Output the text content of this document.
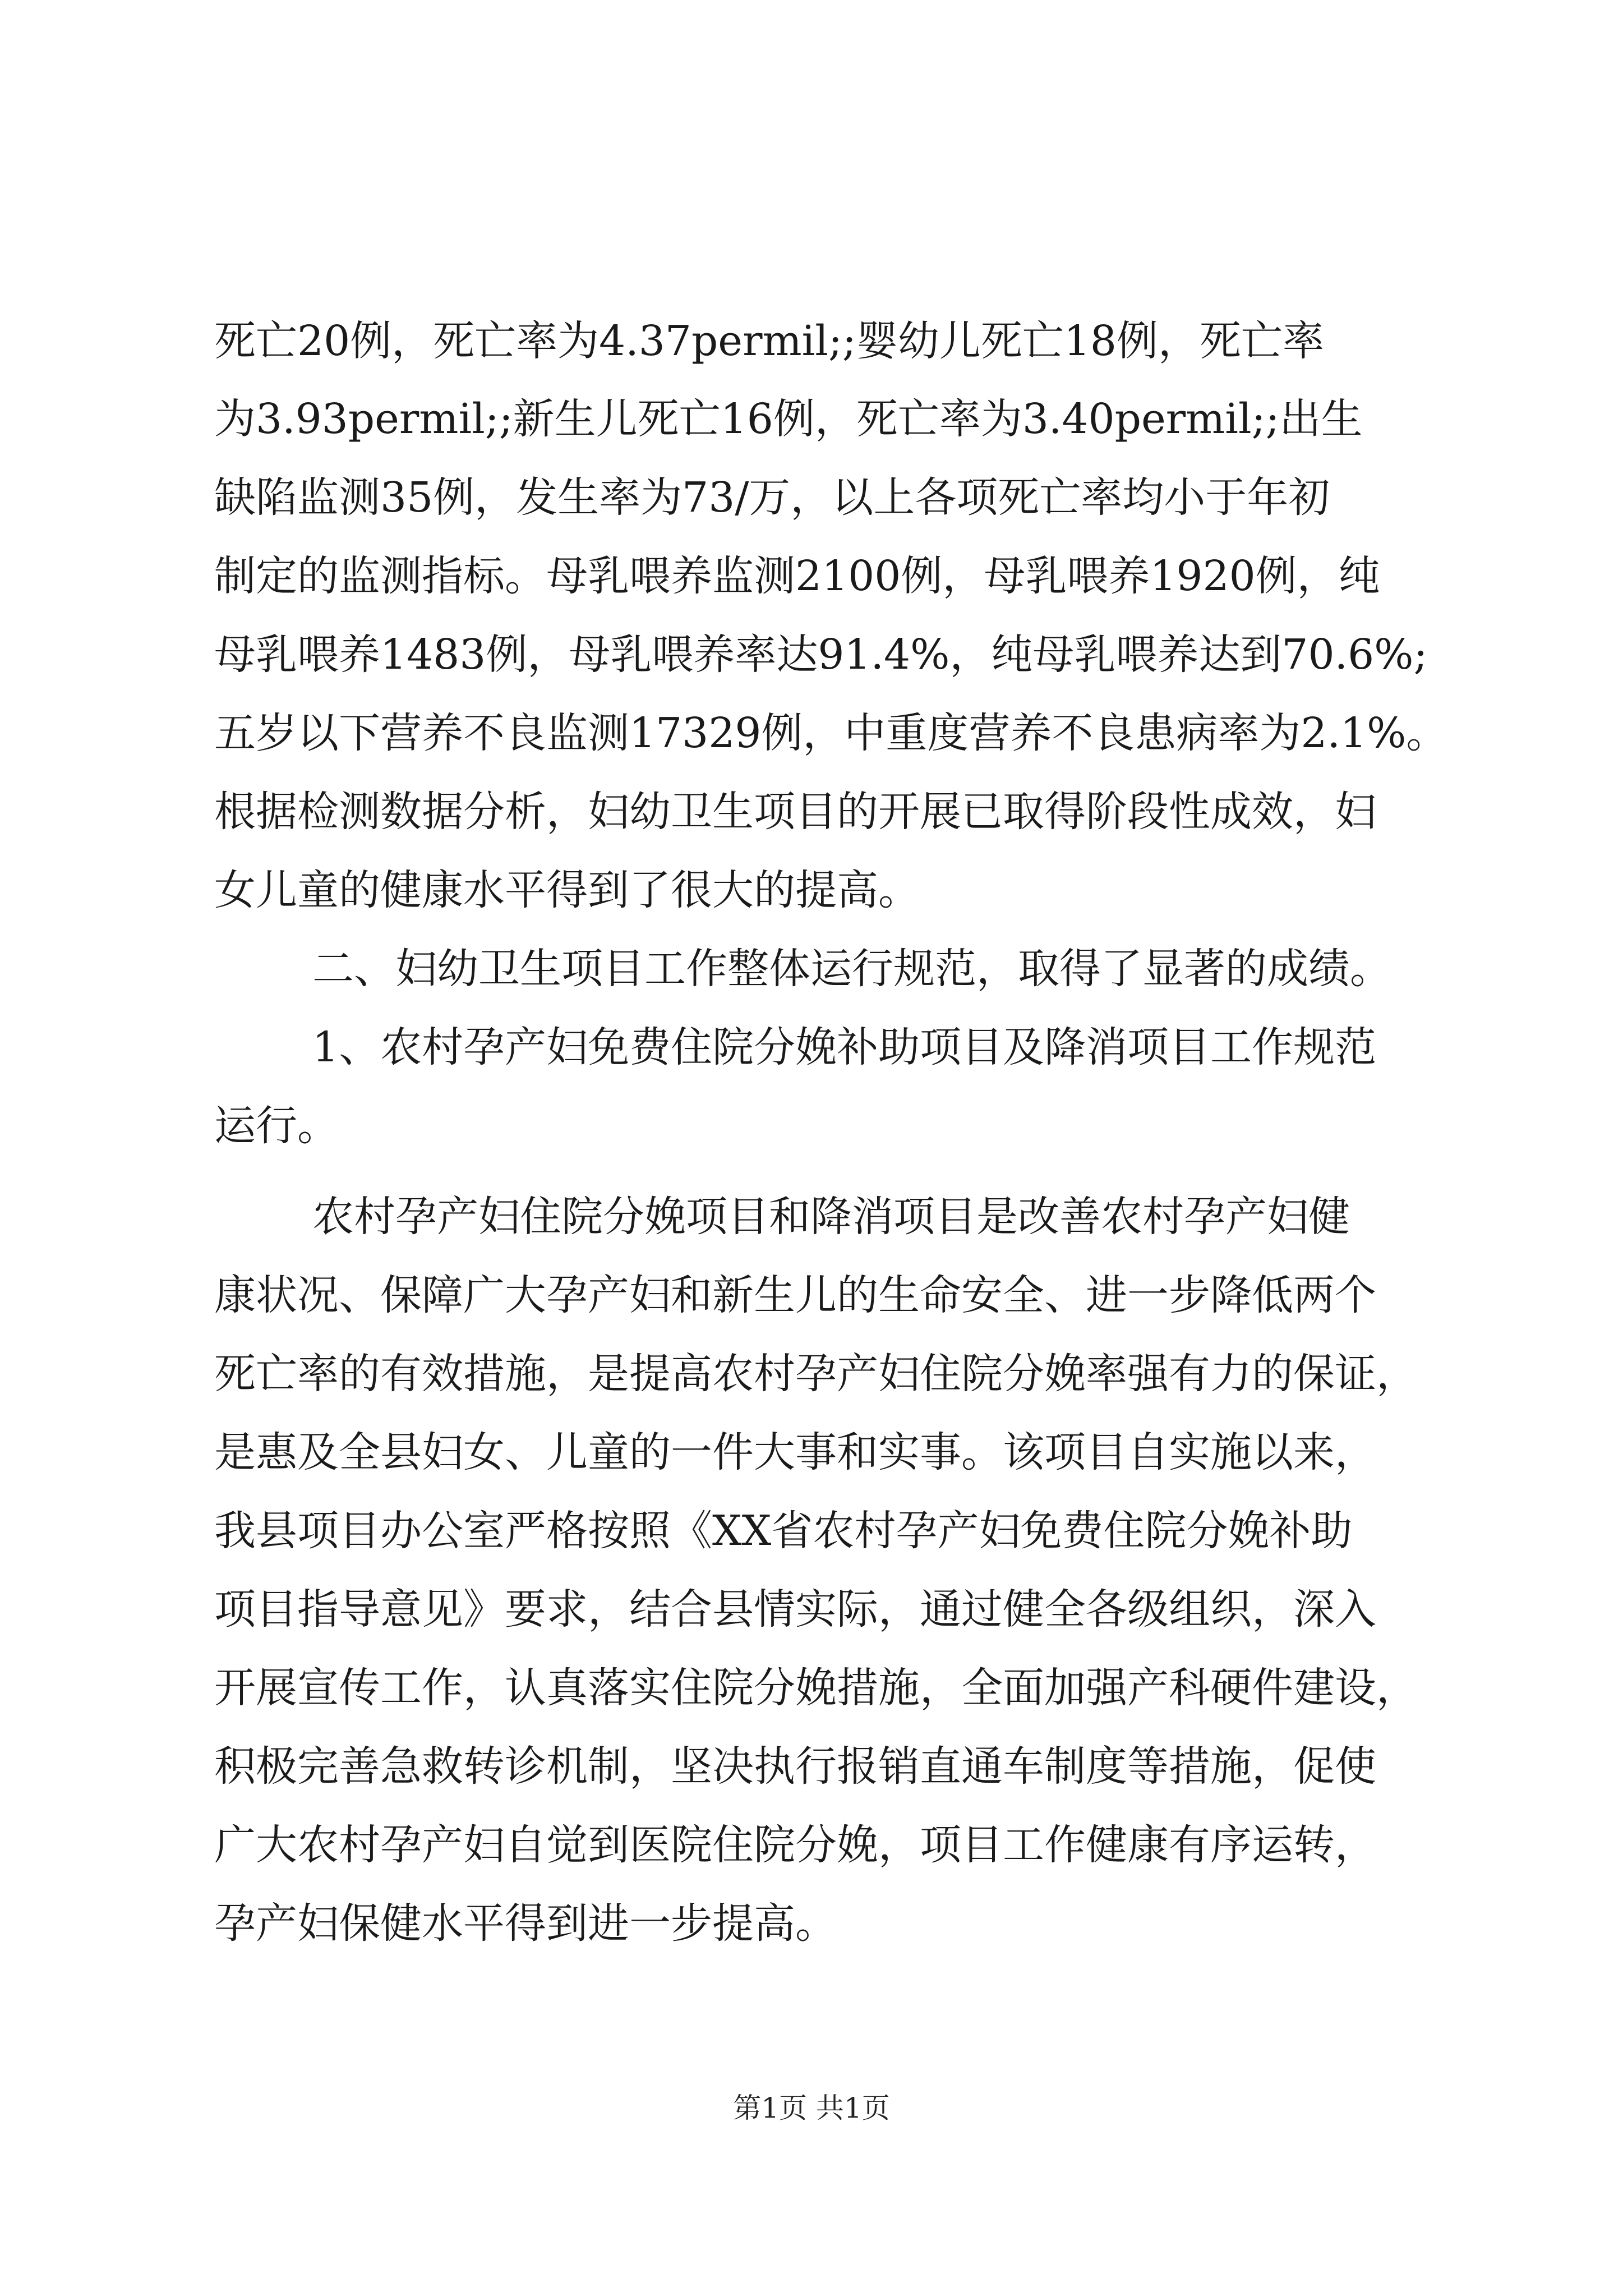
死亡20例，死亡率为4.37permil;;婴幼儿死亡18例，死亡率
为3.93permil;;新生儿死亡16例，死亡率为3.40permil;;出生
缺陷监测35例，发生率为73/万，以上各项死亡率均小于年初
制定的监测指标。母乳喂养监测2100例，母乳喂养1920例，纯
母乳喂养1483例，母乳喂养率达91.4%，纯母乳喂养达到70.6%;
五岁以下营养不良监测17329例，中重度营养不良患病率为2.1%。
根据检测数据分析，妇幼卫生项目的开展已取得阶段性成效，妇
女儿童的健康水平得到了很大的提高。
二、妇幼卫生项目工作整体运行规范，取得了显著的成绩。
1、农村孕产妇免费住院分娩补助项目及降消项目工作规范
运行。
农村孕产妇住院分娩项目和降消项目是改善农村孕产妇健
康状况、保障广大孕产妇和新生儿的生命安全、进一步降低两个
死亡率的有效措施，是提高农村孕产妇住院分娩率强有力的保证，
是惠及全县妇女、儿童的一件大事和实事。该项目自实施以来，
我县项目办公室严格按照《XX省农村孕产妇免费住院分娩补助
项目指导意见》要求，结合县情实际，通过健全各级组织，深入
开展宣传工作，认真落实住院分娩措施，全面加强产科硬件建设，
积极完善急救转诊机制，坚决执行报销直通车制度等措施，促使
广大农村孕产妇自觉到医院住院分娩，项目工作健康有序运转，
孕产妇保健水平得到进一步提高。
第1页 共1页
